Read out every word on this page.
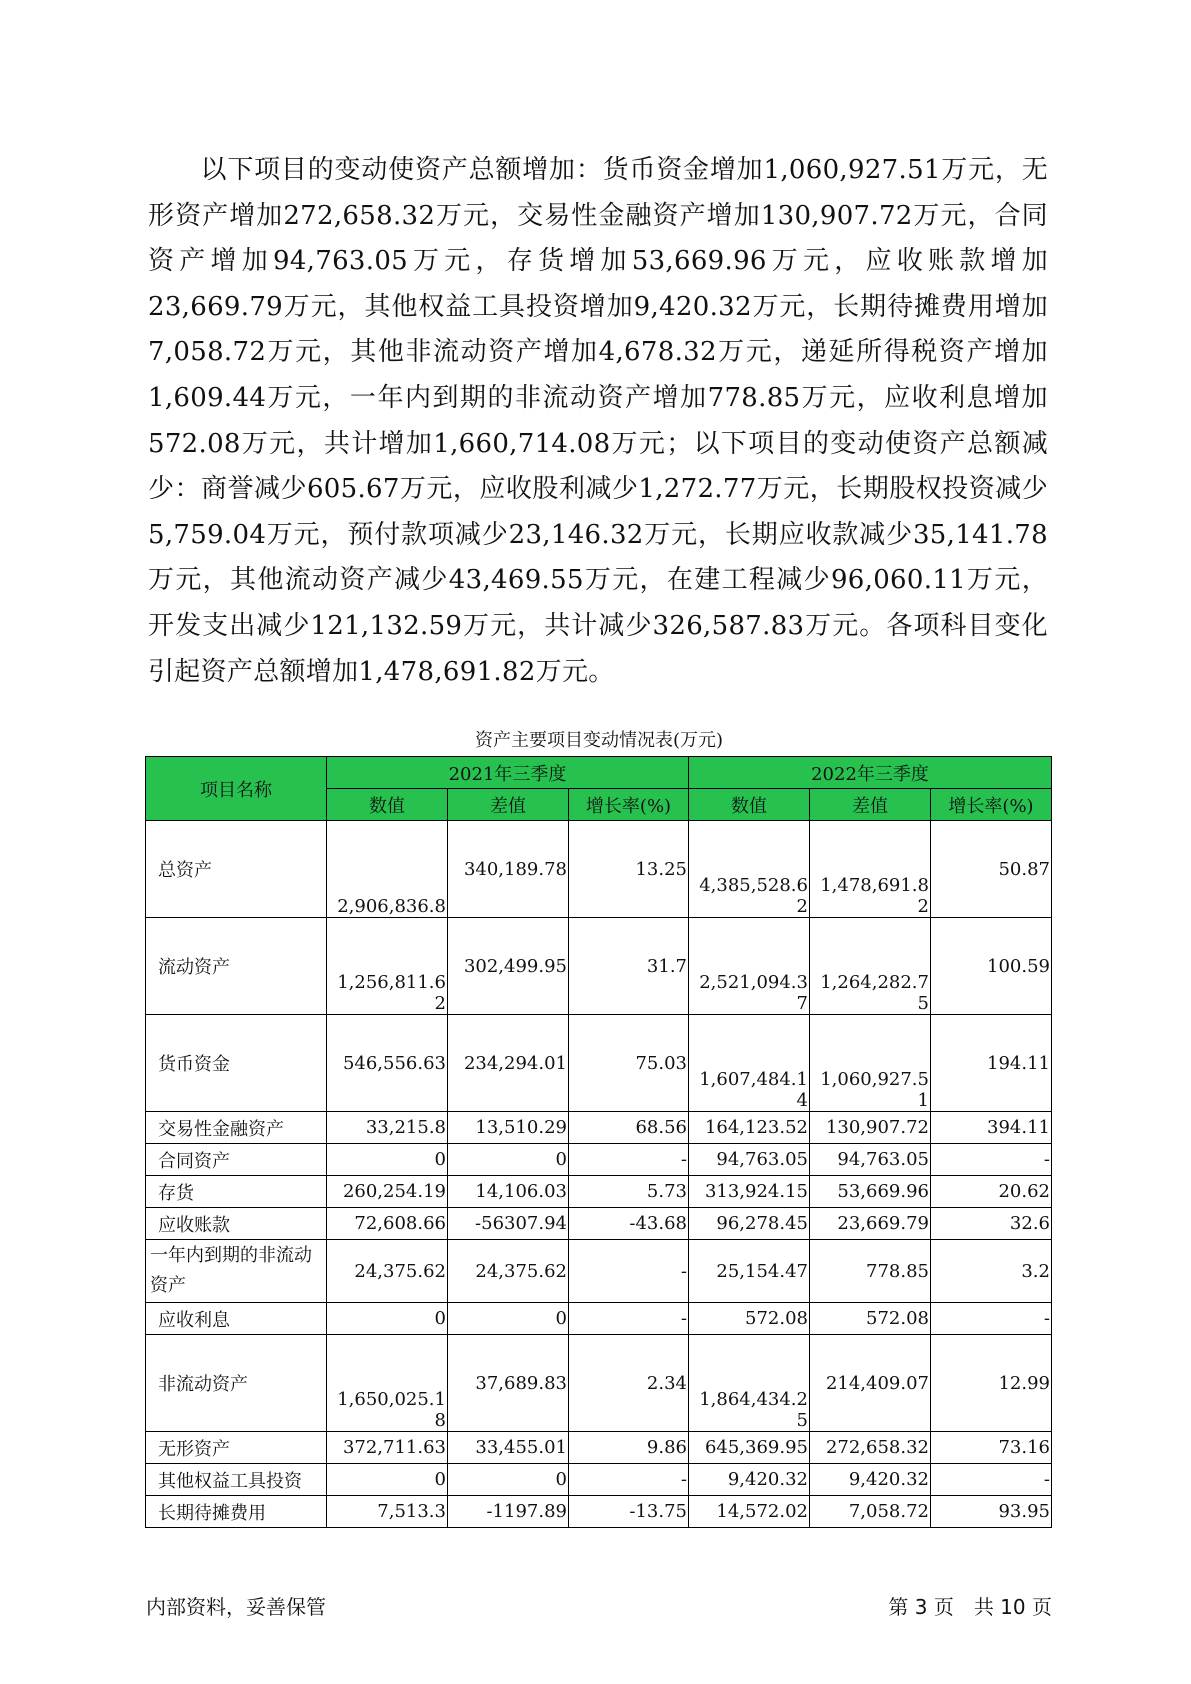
以下项目的变动使资产总额增加：货币资金增加1,060,927.51万元，无形资产增加272,658.32万元，交易性金融资产增加130,907.72万元，合同资产增加94,763.05万元，存货增加53,669.96万元，应收账款增加23,669.79万元，其他权益工具投资增加9,420.32万元，长期待摊费用增加7,058.72万元，其他非流动资产增加4,678.32万元，递延所得税资产增加1,609.44万元，一年内到期的非流动资产增加778.85万元，应收利息增加572.08万元，共计增加1,660,714.08万元；以下项目的变动使资产总额减少：商誉减少605.67万元，应收股利减少1,272.77万元，长期股权投资减少5,759.04万元，预付款项减少23,146.32万元，长期应收款减少35,141.78万元，其他流动资产减少43,469.55万元，在建工程减少96,060.11万元，开发支出减少121,132.59万元，共计减少326,587.83万元。各项科目变化引起资产总额增加1,478,691.82万元。
资产主要项目变动情况表(万元)
项目名称	2021年三季度			2022年三季度		
	数值	差值	增长率(%)	数值	差值	增长率(%)
总资产	2,906,836.8	340,189.78	13.25	4,385,528.62	1,478,691.82	50.87
流动资产	1,256,811.62	302,499.95	31.7	2,521,094.37	1,264,282.75	100.59
货币资金	546,556.63	234,294.01	75.03	1,607,484.14	1,060,927.51	194.11
交易性金融资产	33,215.8	13,510.29	68.56	164,123.52	130,907.72	394.11
合同资产	0	0	-	94,763.05	94,763.05	-
存货	260,254.19	14,106.03	5.73	313,924.15	53,669.96	20.62
应收账款	72,608.66	-56307.94	-43.68	96,278.45	23,669.79	32.6
一年内到期的非流动资产	24,375.62	24,375.62	-	25,154.47	778.85	3.2
应收利息	0	0	-	572.08	572.08	-
非流动资产	1,650,025.18	37,689.83	2.34	1,864,434.25	214,409.07	12.99
无形资产	372,711.63	33,455.01	9.86	645,369.95	272,658.32	73.16
其他权益工具投资	0	0	-	9,420.32	9,420.32	-
长期待摊费用	7,513.3	-1197.89	-13.75	14,572.02	7,058.72	93.95
内部资料，妥善保管	第 3 页　共 10 页
